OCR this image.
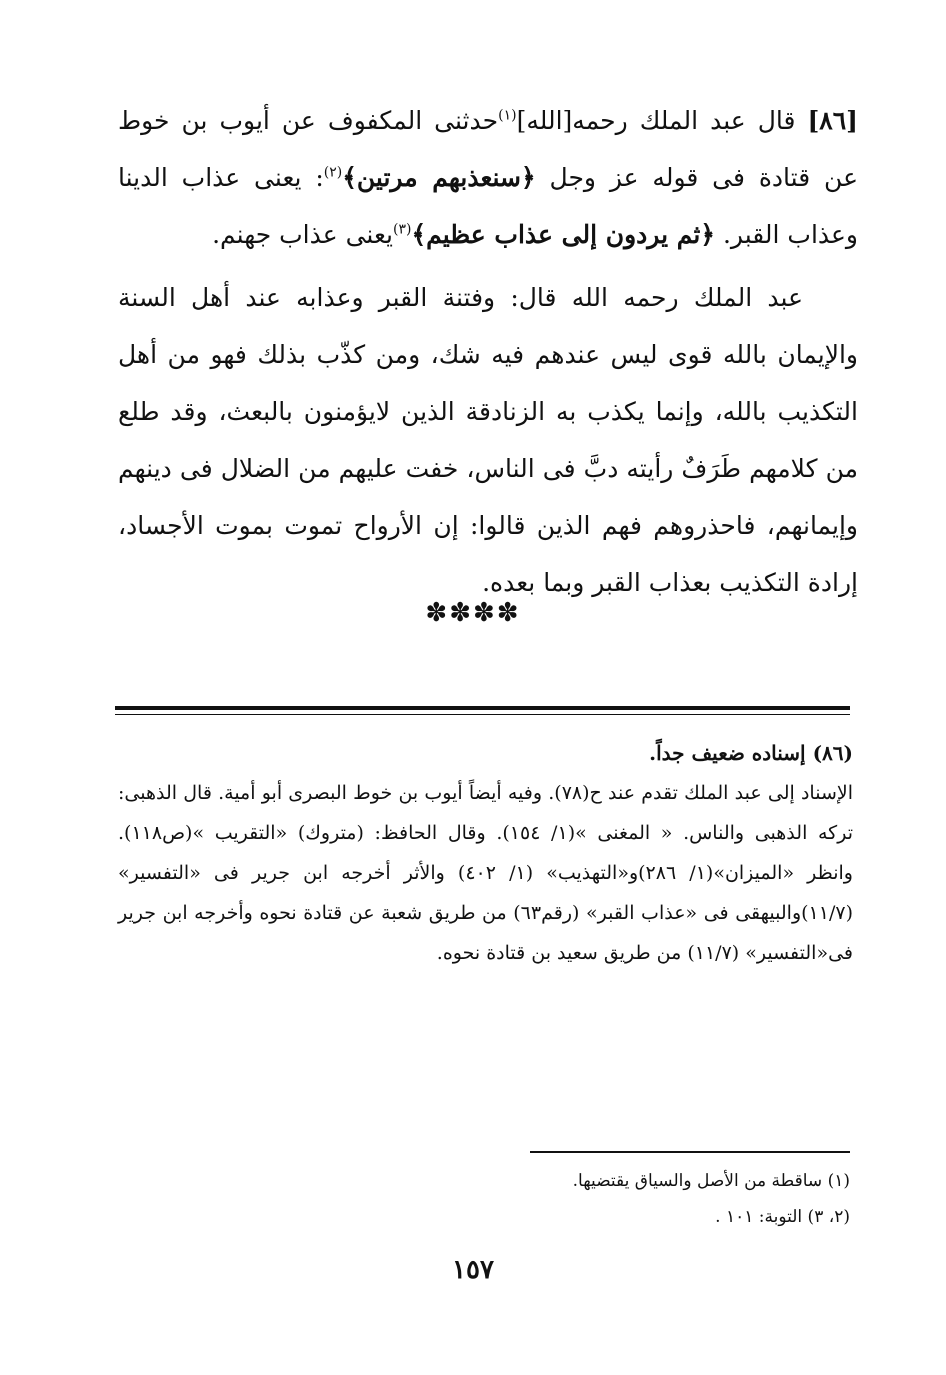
[٨٦] قال عبد الملك رحمه[الله]$^{(١)}$حدثنى المكفوف عن أيوب بن خوط عن قتادة فى قوله عز وجل ﴿سنعذبهم مرتين﴾$^{(٢)}$: يعنى عذاب الدينا وعذاب القبر. ﴿ثم يردون إلى عذاب عظيم﴾$^{(٣)}$يعنى عذاب جهنم.

عبد الملك رحمه الله قال: وفتنة القبر وعذابه عند أهل السنة والإيمان بالله قوى ليس عندهم فيه شك، ومن كذّب بذلك فهو من أهل التكذيب بالله، وإنما يكذب به الزنادقة الذين لايؤمنون بالبعث، وقد طلع من كلامهم طَرَفٌ رأيته دبَّ فى الناس، خفت عليهم من الضلال فى دينهم وإيمانهم، فاحذروهم فهم الذين قالوا: إن الأرواح تموت بموت الأجساد، إرادة التكذيب بعذاب القبر وبما بعده.

✽✽✽✽

(٨٦) إسناده ضعيف جداً.

الإسناد إلى عبد الملك تقدم عند ح(٧٨). وفيه أيضاً أيوب بن خوط البصرى أبو أمية. قال الذهبى: تركه الذهبى والناس. « المغنى »(١/ ١٥٤). وقال الحافظ: (متروك) «التقريب »(ص١١٨). وانظر «الميزان»(١/ ٢٨٦)و«التهذيب» (١/ ٤٠٢) والأثر أخرجه ابن جرير فى «التفسير» (١١/٧)والبيهقى فى «عذاب القبر» (رقم٦٣) من طريق شعبة عن قتادة نحوه وأخرجه ابن جرير فى«التفسير» (١١/٧) من طريق سعيد بن قتادة نحوه.

(١) ساقطة من الأصل والسياق يقتضيها.

(٢، ٣) التوبة: ١٠١ .

١٥٧
